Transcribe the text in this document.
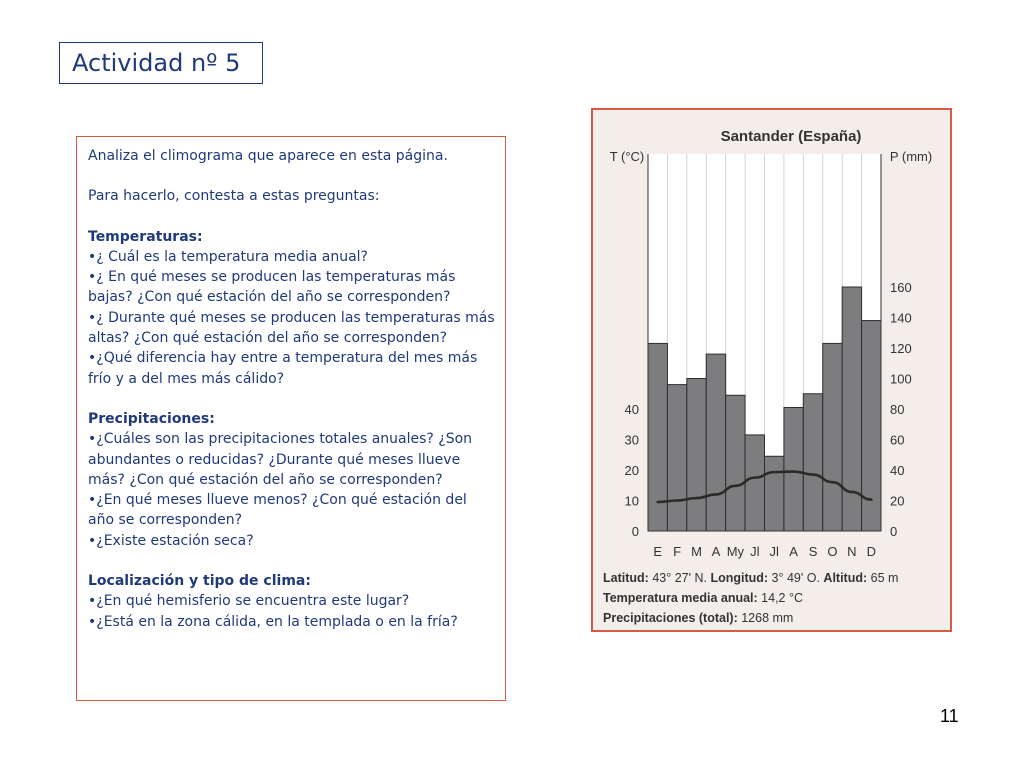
Actividad nº 5

Analiza el climograma que aparece en esta página.

Para hacerlo, contesta a estas preguntas:

Temperaturas:

•¿ Cuál es la temperatura media anual?

•¿ En qué meses se producen las temperaturas más bajas? ¿Con qué estación del año se corresponden?

•¿ Durante qué meses se producen las temperaturas más altas? ¿Con qué estación del año se corresponden?

•¿Qué diferencia hay entre a temperatura del mes más frío y a del mes más cálido?

Precipitaciones:

•¿Cuáles son las precipitaciones totales anuales? ¿Son abundantes o reducidas? ¿Durante qué meses llueve más? ¿Con qué estación del año se corresponden?

•¿En qué meses llueve menos? ¿Con qué estación del año se corresponden?

•¿Existe estación seca?

Localización y tipo de clima:

•¿En qué hemisferio se encuentra este lugar?

•¿Está en la zona cálida, en la templada o en la fría?

Santander (España)
T (°C)	P (mm)
0
10
20
30
40
0
20
40
60
80
100
120
140
160
E F M A My Jl Jl A S O N D
Latitud: 43° 27' N. Longitud: 3° 49' O. Altitud: 65 m
Temperatura media anual: 14,2 °C
Precipitaciones (total): 1268 mm
11
